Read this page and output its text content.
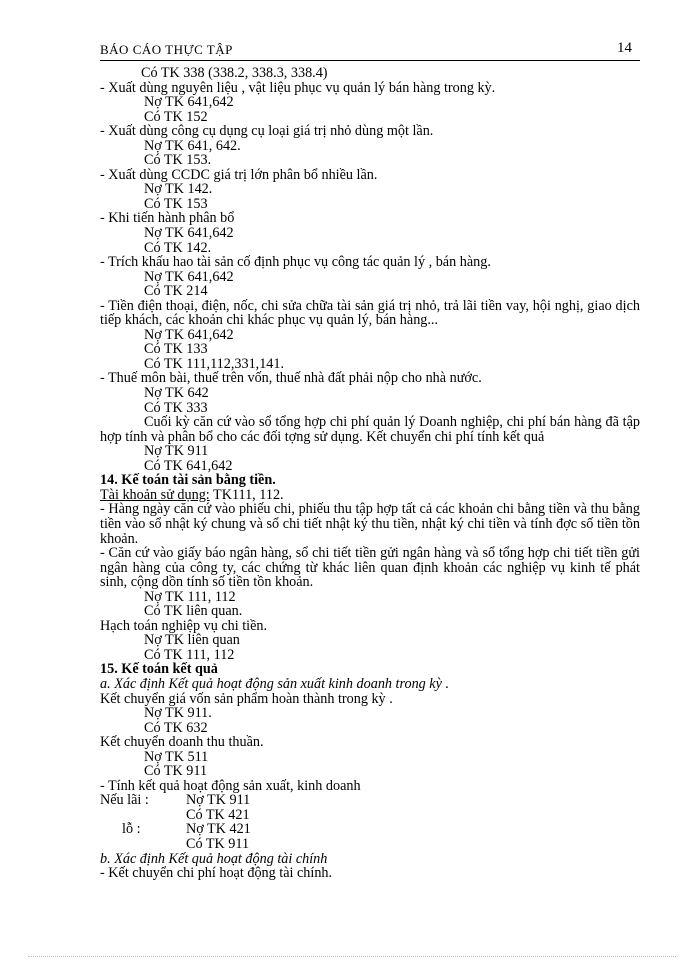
BÁO CÁO THỰC TẬP	14
Có TK 338 (338.2, 338.3, 338.4)
- Xuất dùng nguyên liệu , vật liệu phục vụ quản lý bán hàng trong kỳ.
Nợ TK 641,642
Có TK 152
- Xuất dùng công cụ dụng cụ loại giá trị nhỏ dùng một lần.
Nợ TK 641, 642.
Có TK 153.
- Xuất dùng CCDC giá trị lớn phân bổ nhiều lần.
Nợ TK 142.
Có TK 153
- Khi tiến hành phân bổ
Nợ TK 641,642
Có TK 142.
- Trích khấu hao tài sản cố định phục vụ công tác quản lý , bán hàng.
Nợ TK 641,642
Có TK 214
- Tiền điện thoại, điện, nốc, chi sửa chữa tài sản giá trị nhỏ, trả lãi tiền vay, hội nghị, giao dịch tiếp khách, các khoản chi khác phục vụ quản lý, bán hàng...
Nợ TK 641,642
Có TK 133
Có TK 111,112,331,141.
- Thuế môn bài, thuế trên vốn, thuế nhà đất phải nộp cho nhà nước.
Nợ TK 642
Có TK 333
Cuối kỳ căn cứ vào sổ tổng hợp chi phí quản lý Doanh nghiệp, chi phí bán hàng đã tập hợp tính và phân bổ cho các đối tợng sử dụng. Kết chuyển chi phí tính kết quả
Nợ TK 911
Có TK 641,642
14. Kế toán tài sản bằng tiền.
Tài khoản sử dụng: TK111, 112.
- Hàng ngày căn cứ vào phiếu chi, phiếu thu tập hợp tất cả các khoản chi bằng tiền và thu bằng tiền vào sổ nhật ký chung và sổ chi tiết nhật ký thu tiền, nhật ký chi tiền và tính đợc số tiền tồn khoản.
- Căn cứ vào giấy báo ngân hàng, sổ chi tiết tiền gửi ngân hàng và sổ tổng hợp chi tiết tiền gửi ngân hàng của công ty, các chứng từ khác liên quan định khoản các nghiệp vụ kinh tế phát sinh, cộng dồn tính số tiền tồn khoản.
Nợ TK 111, 112
Có TK liên quan.
Hạch toán nghiệp vụ chi tiền.
Nợ TK liên quan
Có TK 111, 112
15. Kế toán kết quả
a. Xác định Kết quả hoạt động sản xuất kinh doanh trong kỳ .
Kết chuyển giá vốn sản phẩm hoàn thành trong kỳ .
Nợ TK 911.
Có TK 632
Kết chuyển doanh thu thuần.
Nợ TK 511
Có TK 911
- Tính kết quả hoạt động sản xuất, kinh doanh
Nếu lãi :	Nợ TK 911
Có TK 421
lỗ :	Nợ TK 421
Có TK 911
b. Xác định Kết quả hoạt động tài chính
- Kết chuyển chi phí hoạt động tài chính.
